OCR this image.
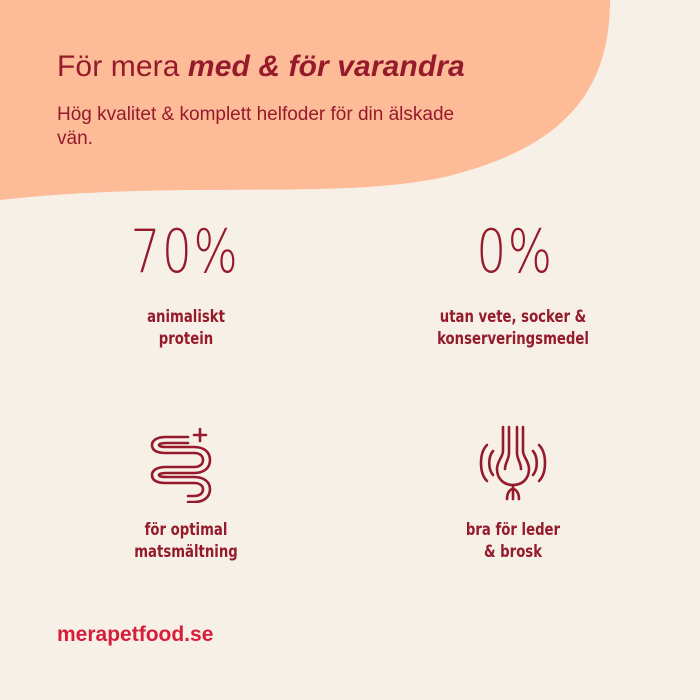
För mera med & för varandra

Hög kvalitet & komplett helfoder för din älskade vän.

70%
animaliskt
protein
0%
utan vete, socker &
konserveringsmedel
för optimal
matsmältning
bra för leder
& brosk
merapetfood.se
